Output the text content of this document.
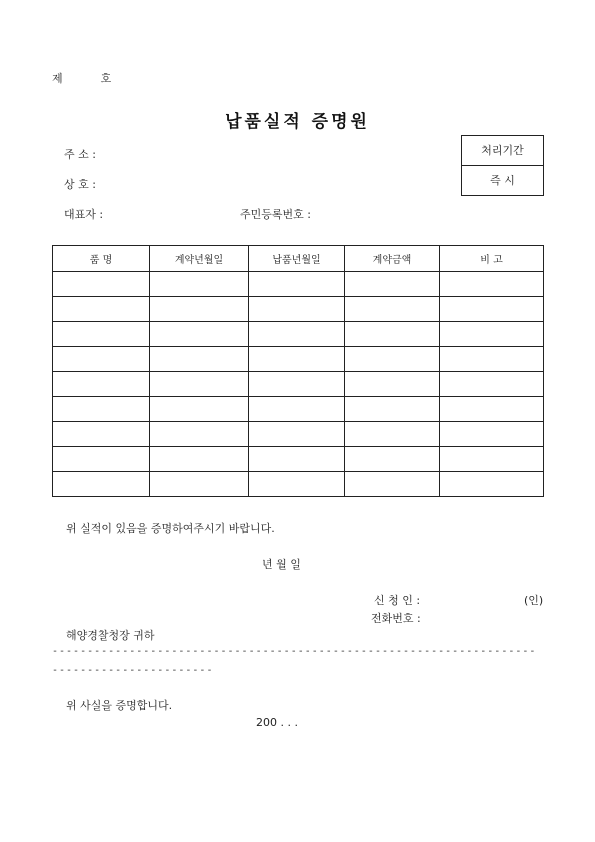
제	호
납품실적 증명원
처리기간
즉 시
주 소 :
상 호 :
대표자 :	주민등록번호 :
품 명	계약년월일	납품년월일	계약금액	비 고

위 실적이 있음을 증명하여주시기 바랍니다.
년 월 일
신 청 인 :	(인)
전화번호 :
해양경찰청장 귀하
--------------------------------------------------------------------------------------------
위 사실을 증명합니다.
200 . . .
